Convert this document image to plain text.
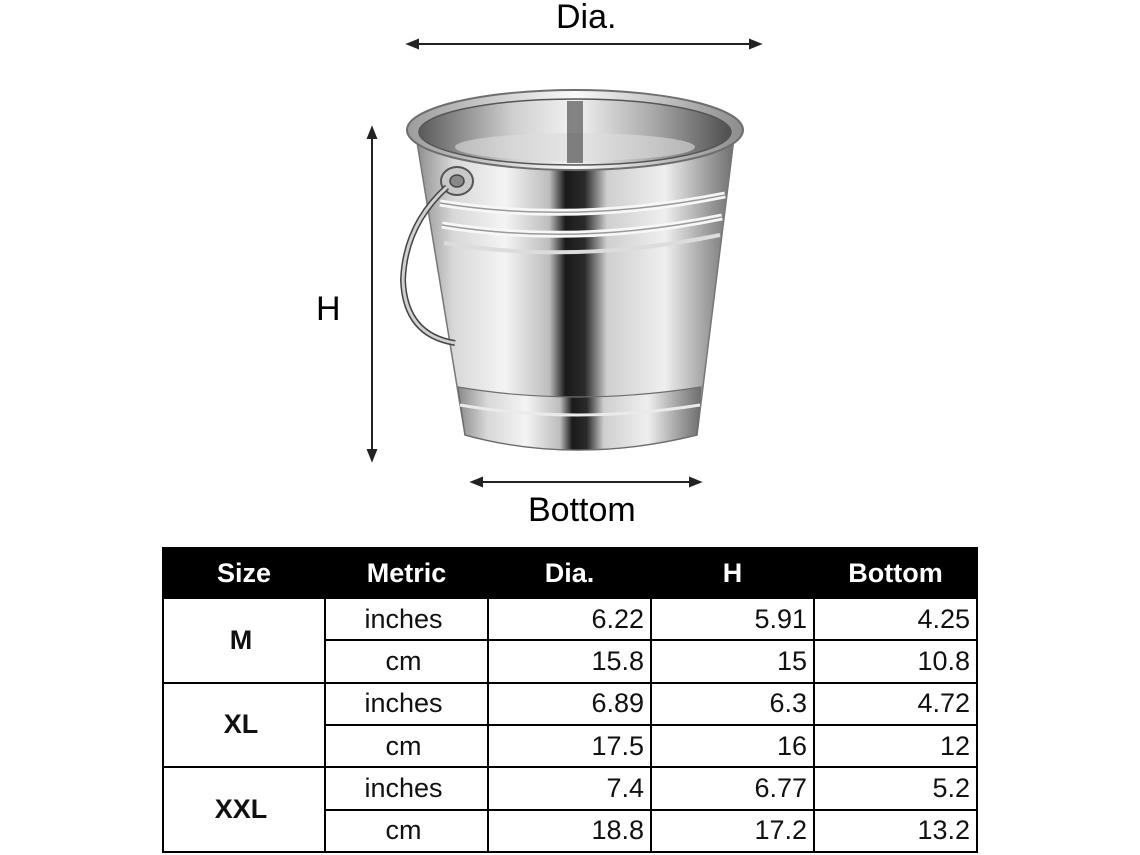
Dia.
H
Bottom
Size	Metric	Dia.	H	Bottom
M	inches	6.22	5.91	4.25
	cm	15.8	15	10.8
XL	inches	6.89	6.3	4.72
	cm	17.5	16	12
XXL	inches	7.4	6.77	5.2
	cm	18.8	17.2	13.2
